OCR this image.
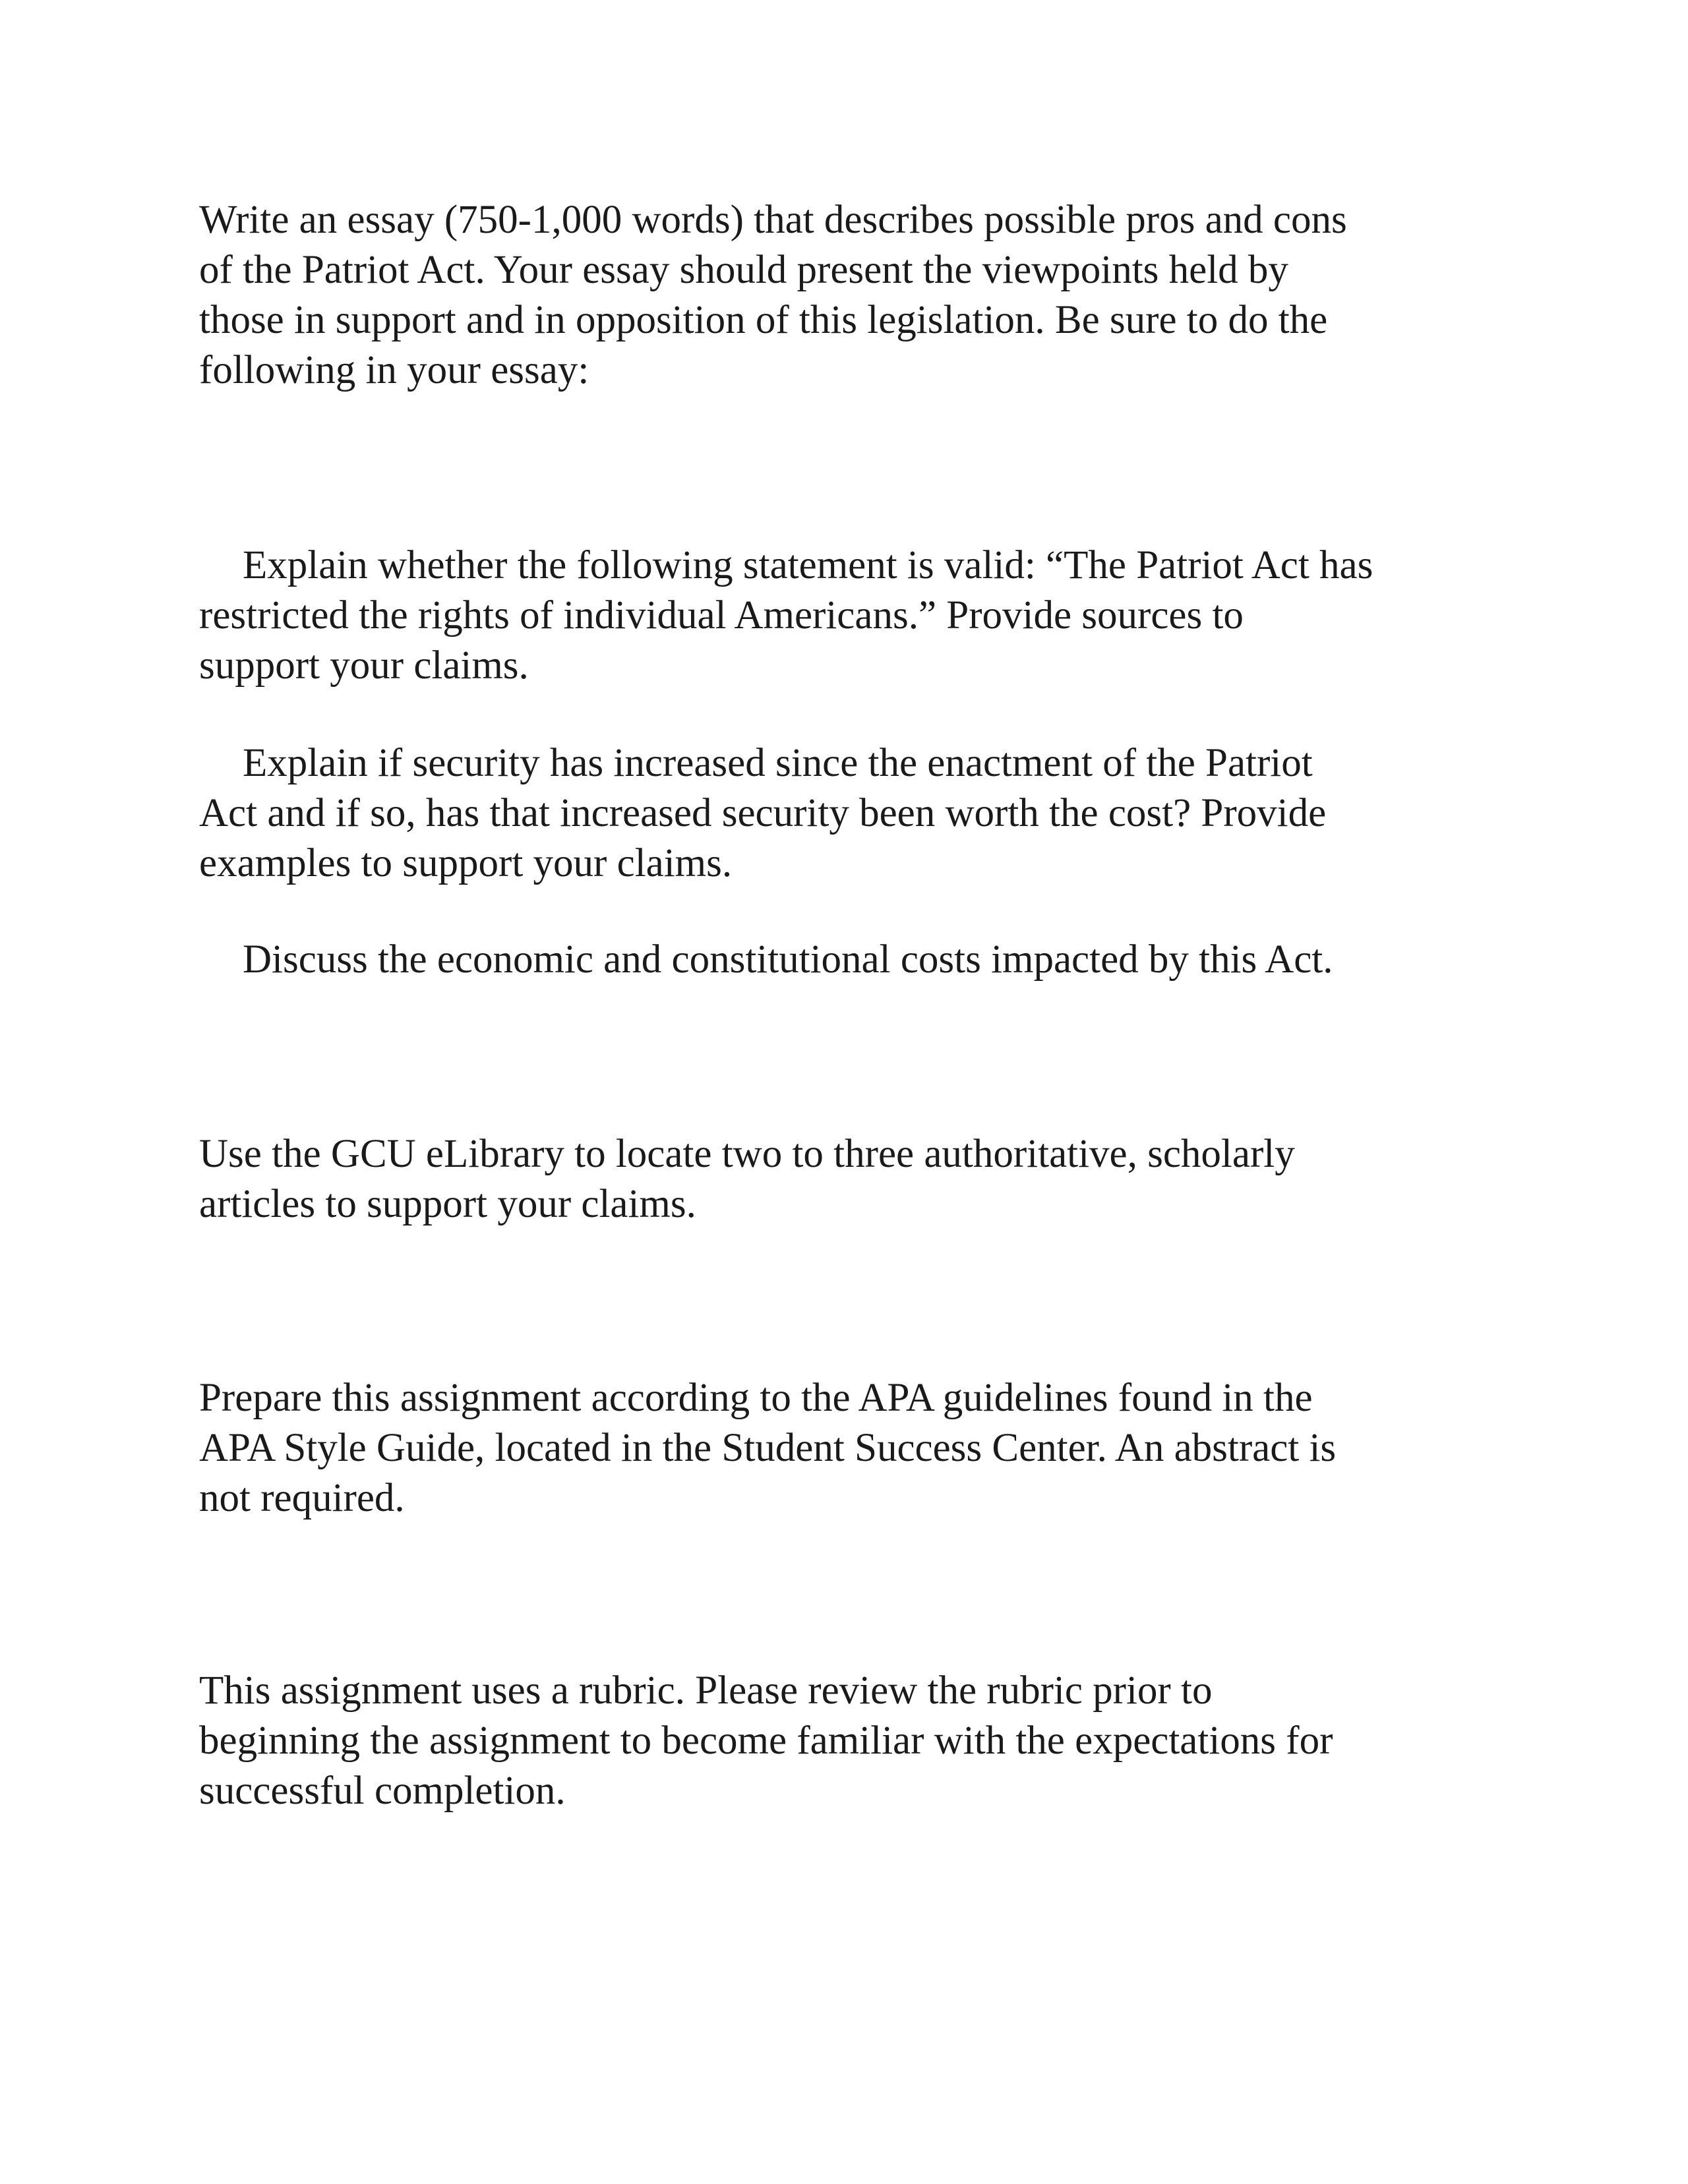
Write an essay (750-1,000 words) that describes possible pros and cons
of the Patriot Act. Your essay should present the viewpoints held by
those in support and in opposition of this legislation. Be sure to do the
following in your essay:

Explain whether the following statement is valid: “The Patriot Act has
restricted the rights of individual Americans.” Provide sources to
support your claims.

Explain if security has increased since the enactment of the Patriot
Act and if so, has that increased security been worth the cost? Provide
examples to support your claims.

Discuss the economic and constitutional costs impacted by this Act.

Use the GCU eLibrary to locate two to three authoritative, scholarly
articles to support your claims.

Prepare this assignment according to the APA guidelines found in the
APA Style Guide, located in the Student Success Center. An abstract is
not required.

This assignment uses a rubric. Please review the rubric prior to
beginning the assignment to become familiar with the expectations for
successful completion.
